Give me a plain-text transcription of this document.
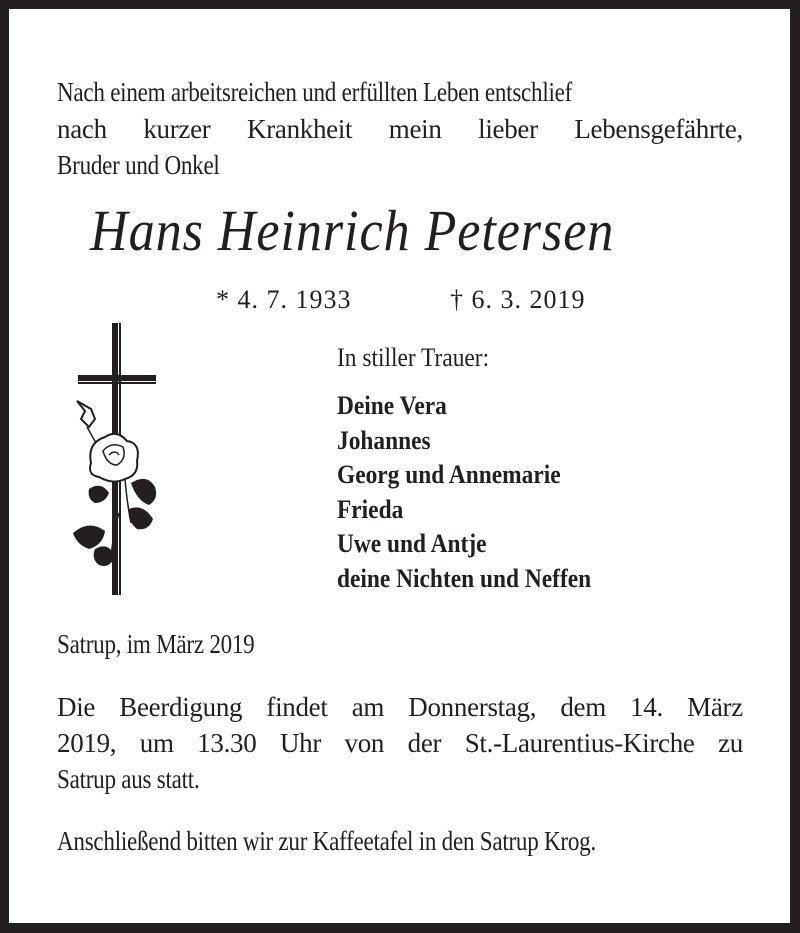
Nach einem arbeitsreichen und erfüllten Leben entschlief
nach kurzer Krankheit mein lieber Lebensgefährte,
Bruder und Onkel
Hans Heinrich Petersen
* 4. 7. 1933	† 6. 3. 2019
In stiller Trauer:
Deine Vera
Johannes
Georg und Annemarie
Frieda
Uwe und Antje
deine Nichten und Neffen
Satrup, im März 2019
Die Beerdigung findet am Donnerstag, dem 14. März
2019, um 13.30 Uhr von der St.-Laurentius-Kirche zu
Satrup aus statt.
Anschließend bitten wir zur Kaffeetafel in den Satrup Krog.
